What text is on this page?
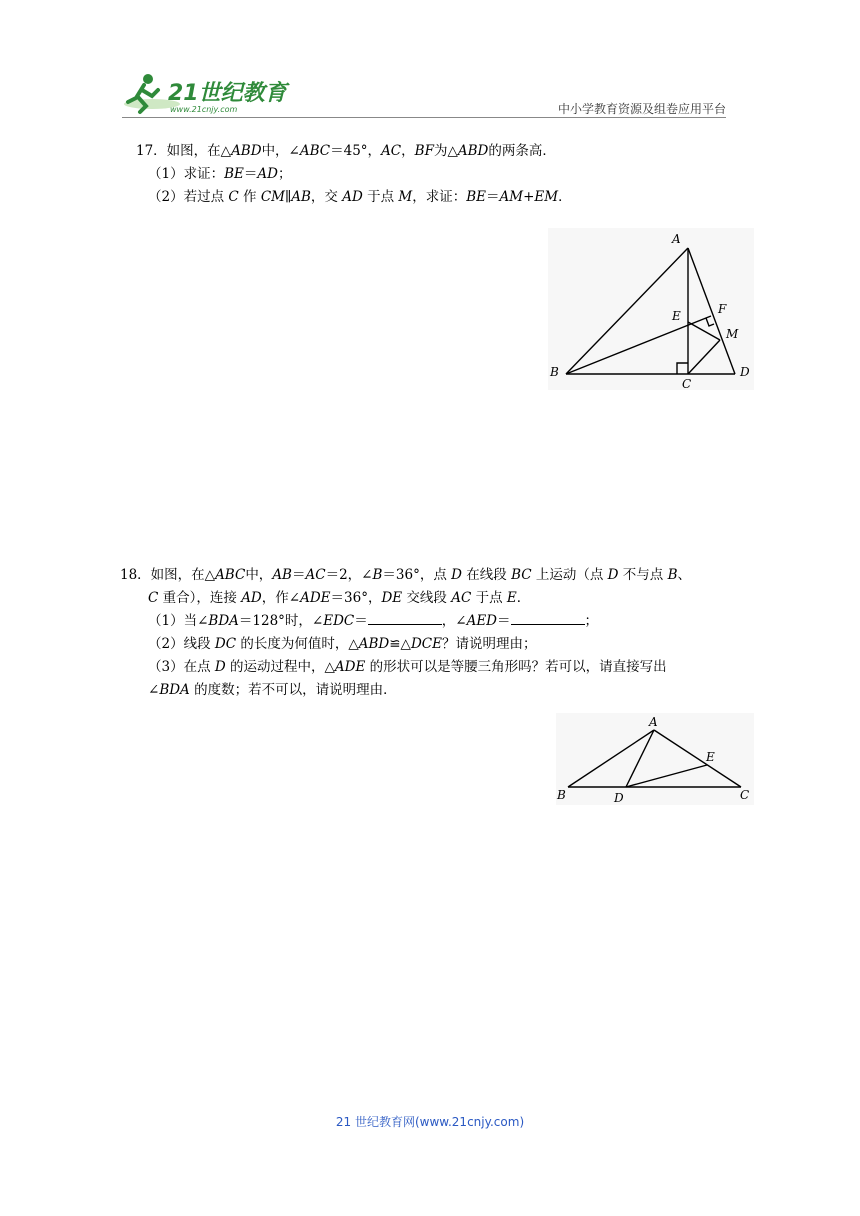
21世纪教育
www.21cnjy.com	中小学教育资源及组卷应用平台

17．如图，在△ABD中，∠ABC＝45°，AC，BF为△ABD的两条高．

（1）求证：BE＝AD；

（2）若过点 C 作 CM∥AB，交 AD 于点 M，求证：BE＝AM+EM．

A
B
C
D
E	F
M

18．如图，在△ABC中，AB＝AC＝2，∠B＝36°，点 D 在线段 BC 上运动（点 D 不与点 B、

C 重合），连接 AD，作∠ADE＝36°，DE 交线段 AC 于点 E．

（1）当∠BDA＝128°时，∠EDC＝	，∠AED＝	；

（2）线段 DC 的长度为何值时，△ABD≌△DCE？请说明理由；

（3）在点 D 的运动过程中，△ADE 的形状可以是等腰三角形吗？若可以，请直接写出

∠BDA 的度数；若不可以，请说明理由．

A
B	C
D
E
21 世纪教育网(www.21cnjy.com)
